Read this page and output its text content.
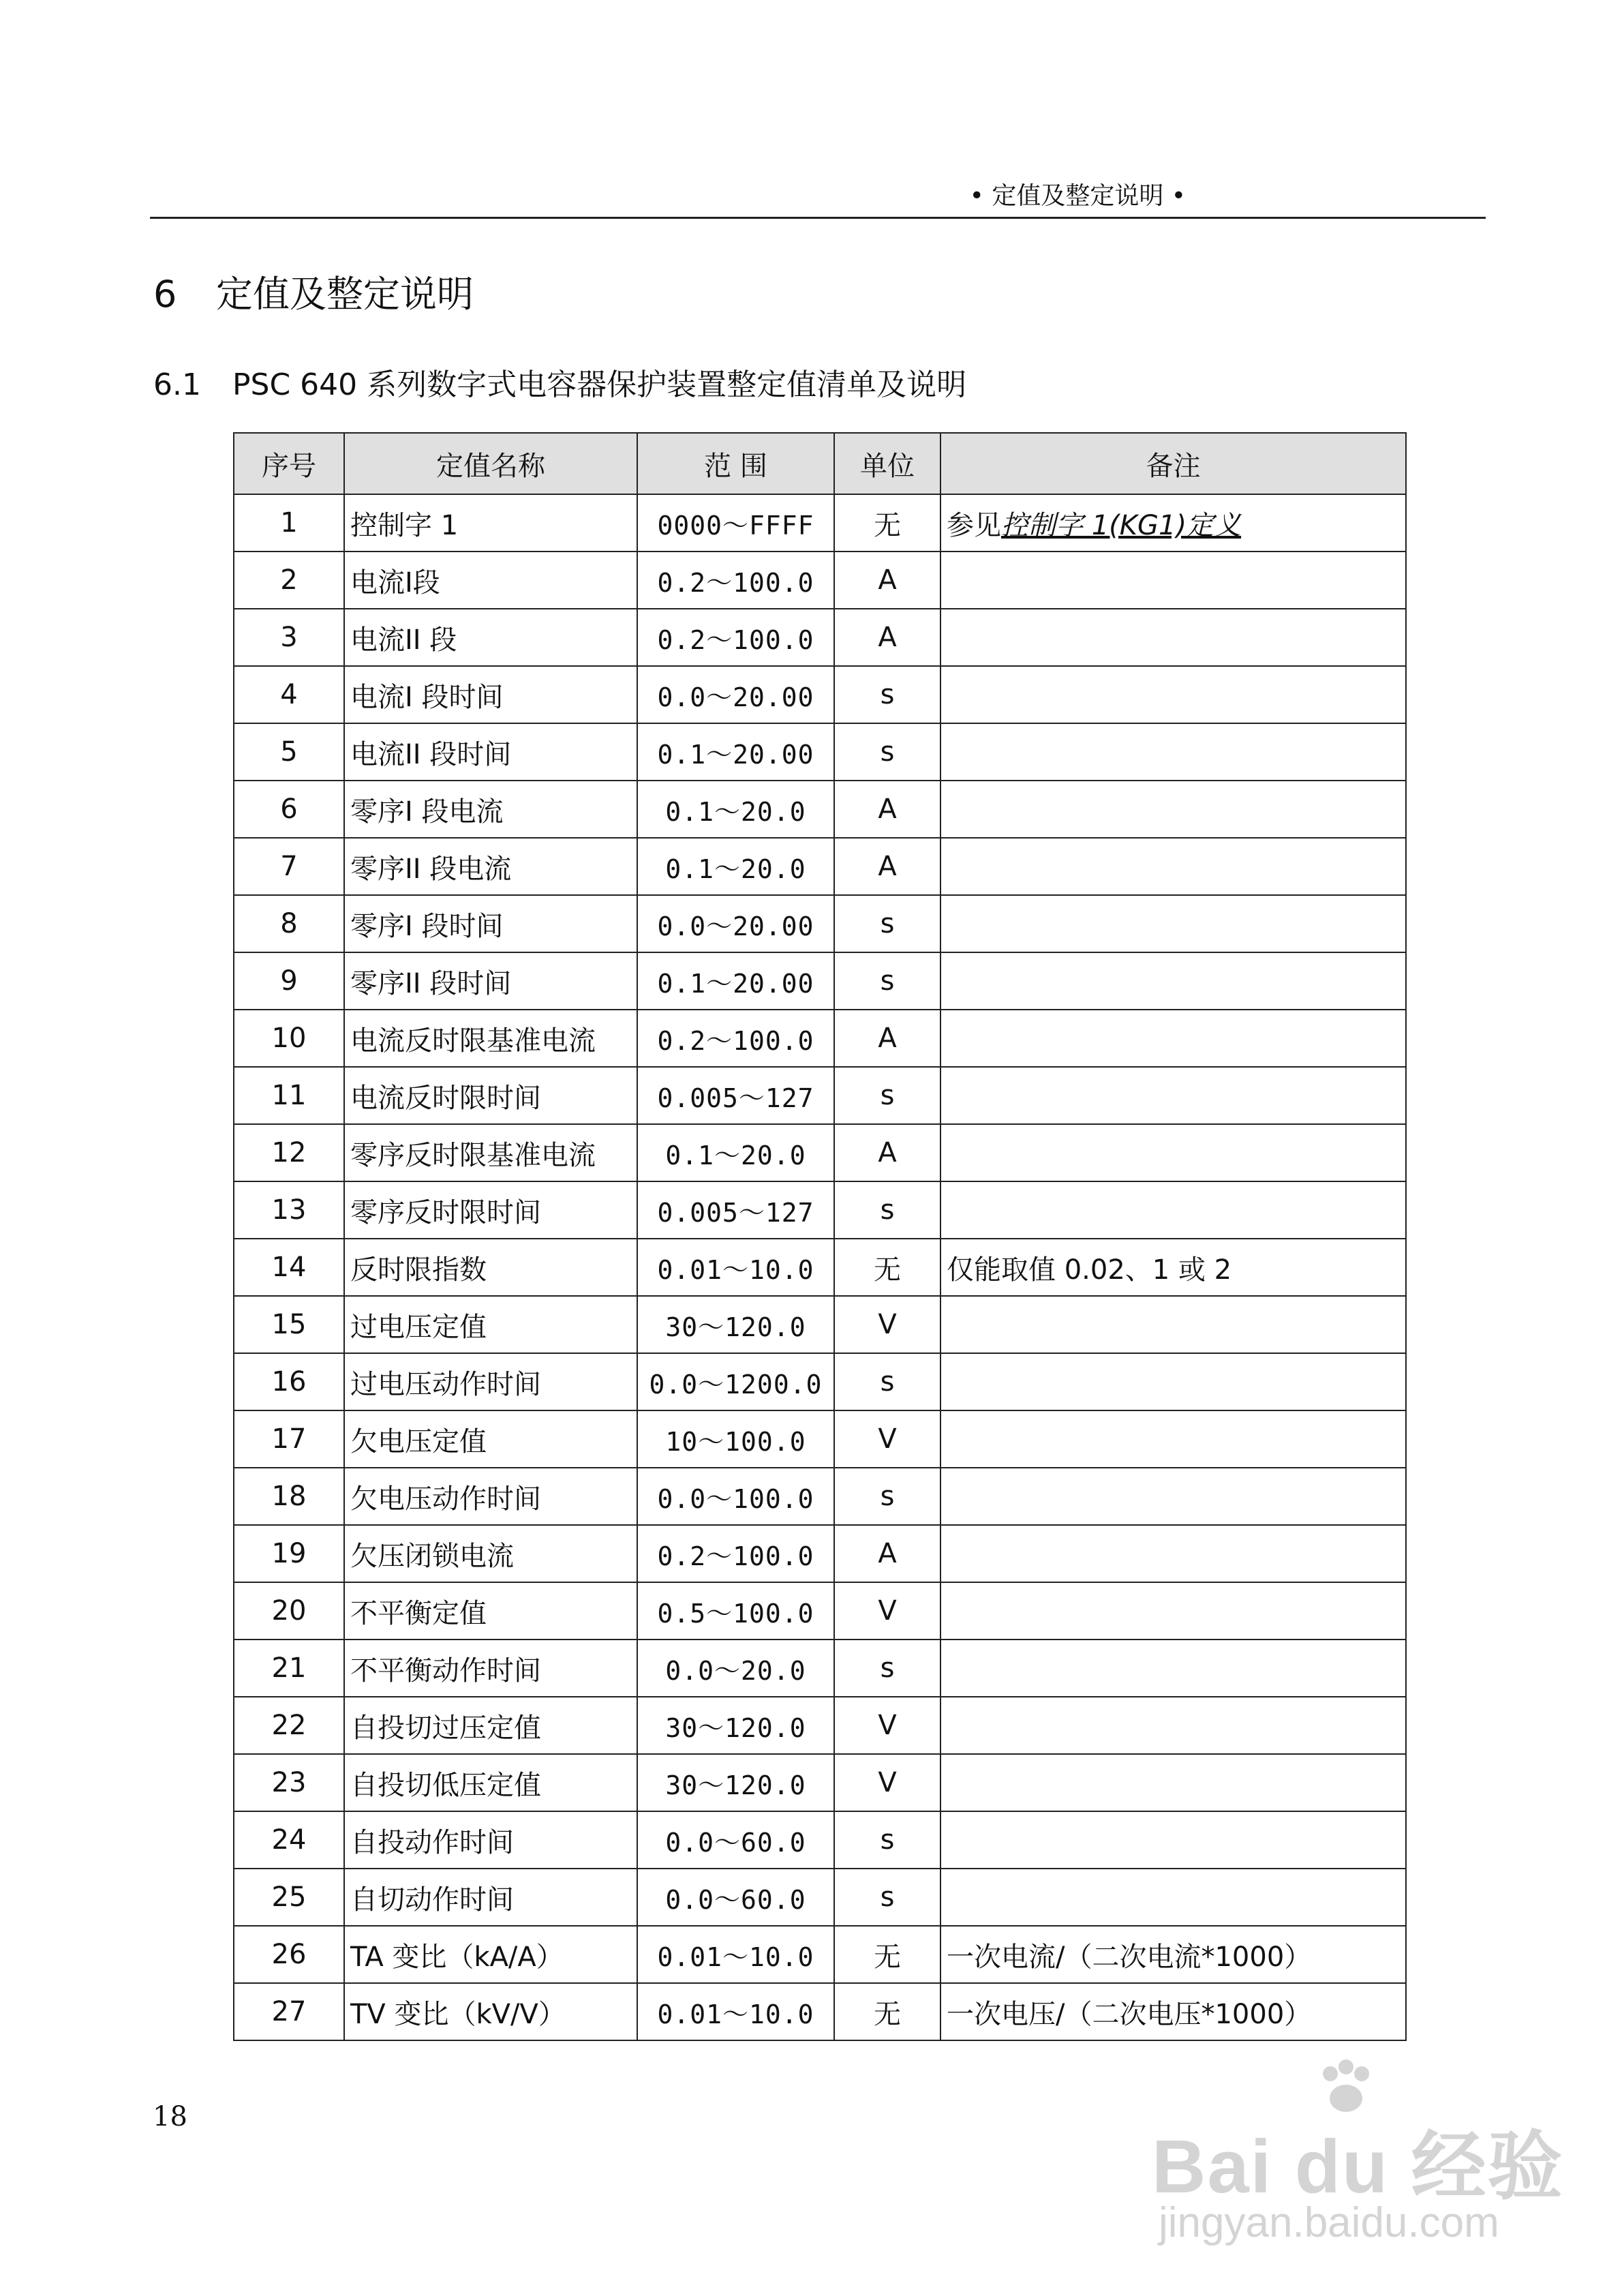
• 定值及整定说明 •
6 定值及整定说明
6.1 PSC 640 系列数字式电容器保护装置整定值清单及说明
序号	定值名称	范 围	单位	备注
1	控制字 1	0000～FFFF	无	参见控制字 1(KG1)定义
2	电流Ⅰ段	0.2～100.0	A	
3	电流II 段	0.2～100.0	A	
4	电流I 段时间	0.0～20.00	s	
5	电流II 段时间	0.1～20.00	s	
6	零序I 段电流	0.1～20.0	A	
7	零序II 段电流	0.1～20.0	A	
8	零序I 段时间	0.0～20.00	s	
9	零序II 段时间	0.1～20.00	s	
10	电流反时限基准电流	0.2～100.0	A	
11	电流反时限时间	0.005～127	s	
12	零序反时限基准电流	0.1～20.0	A	
13	零序反时限时间	0.005～127	s	
14	反时限指数	0.01～10.0	无	仅能取值 0.02、1 或 2
15	过电压定值	30～120.0	V	
16	过电压动作时间	0.0～1200.0	s	
17	欠电压定值	10～100.0	V	
18	欠电压动作时间	0.0～100.0	s	
19	欠压闭锁电流	0.2～100.0	A	
20	不平衡定值	0.5～100.0	V	
21	不平衡动作时间	0.0～20.0	s	
22	自投切过压定值	30～120.0	V	
23	自投切低压定值	30～120.0	V	
24	自投动作时间	0.0～60.0	s	
25	自切动作时间	0.0～60.0	s	
26	TA 变比（kA/A）	0.01～10.0	无	一次电流/（二次电流*1000）
27	TV 变比（kV/V）	0.01～10.0	无	一次电压/（二次电压*1000）
18
Bai du 经验
jingyan.baidu.com
